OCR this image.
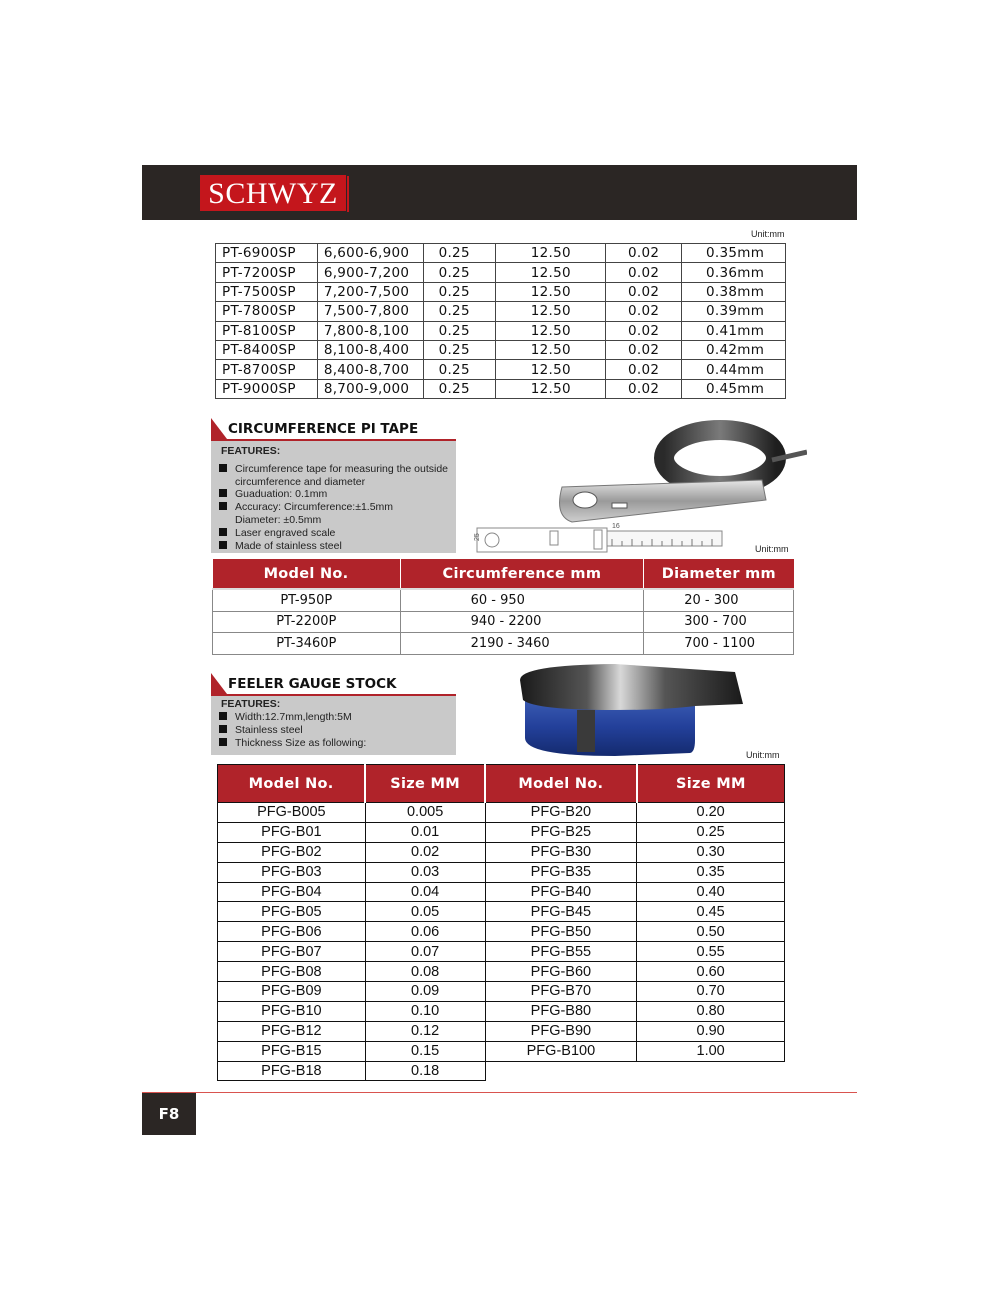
SCHWYZ
Unit:mm
PT-6900SP	6,600-6,900	0.25	12.50	0.02	0.35mm
PT-7200SP	6,900-7,200	0.25	12.50	0.02	0.36mm
PT-7500SP	7,200-7,500	0.25	12.50	0.02	0.38mm
PT-7800SP	7,500-7,800	0.25	12.50	0.02	0.39mm
PT-8100SP	7,800-8,100	0.25	12.50	0.02	0.41mm
PT-8400SP	8,100-8,400	0.25	12.50	0.02	0.42mm
PT-8700SP	8,400-8,700	0.25	12.50	0.02	0.44mm
PT-9000SP	8,700-9,000	0.25	12.50	0.02	0.45mm
CIRCUMFERENCE PI TAPE
FEATURES:
Circumference tape for measuring the outside
circumference and diameter
Guaduation: 0.1mm
Accuracy: Circumference:±1.5mm
Diameter: ±0.5mm
Laser engraved scale
Made of stainless steel
25
16
Unit:mm
Model No.	Circumference mm	Diameter mm
PT-950P	60 - 950	20 - 300
PT-2200P	940 - 2200	300 - 700
PT-3460P	2190 - 3460	700 - 1100
FEELER GAUGE STOCK
FEATURES:
Width:12.7mm,length:5M
Stainless steel
Thickness Size as following:
Unit:mm
Model No.	Size MM	Model No.	Size MM
PFG-B005	0.005	PFG-B20	0.20
PFG-B01	0.01	PFG-B25	0.25
PFG-B02	0.02	PFG-B30	0.30
PFG-B03	0.03	PFG-B35	0.35
PFG-B04	0.04	PFG-B40	0.40
PFG-B05	0.05	PFG-B45	0.45
PFG-B06	0.06	PFG-B50	0.50
PFG-B07	0.07	PFG-B55	0.55
PFG-B08	0.08	PFG-B60	0.60
PFG-B09	0.09	PFG-B70	0.70
PFG-B10	0.10	PFG-B80	0.80
PFG-B12	0.12	PFG-B90	0.90
PFG-B15	0.15	PFG-B100	1.00
PFG-B18	0.18		
F8
